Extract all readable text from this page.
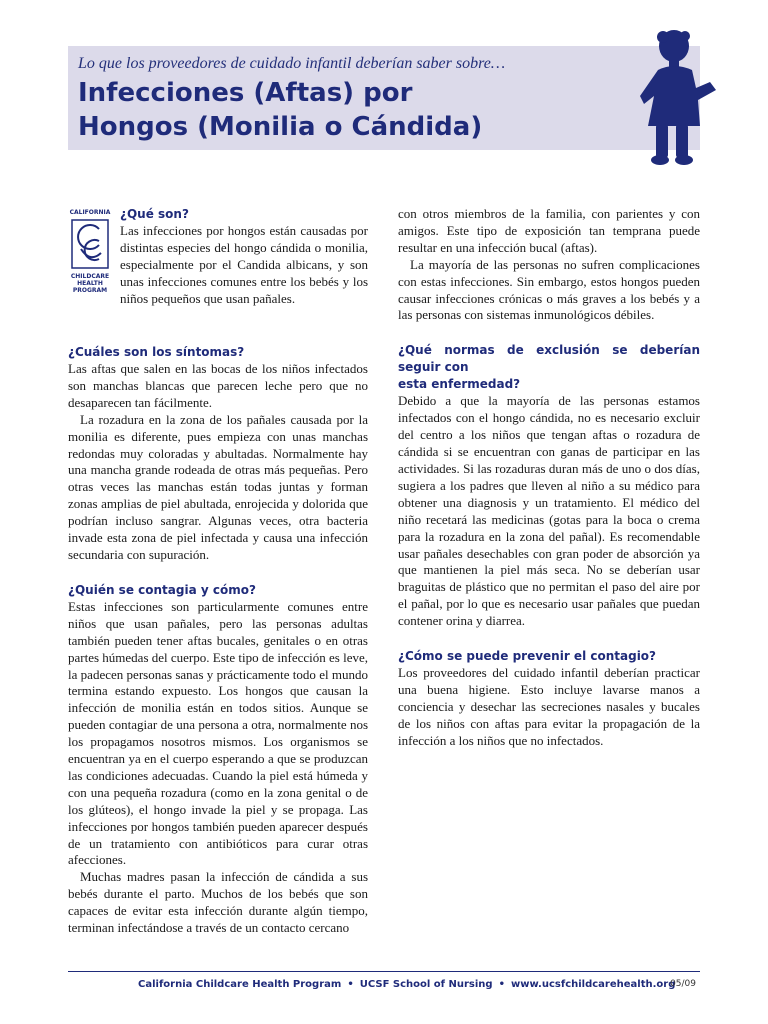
Lo que los proveedores de cuidado infantil deberían saber sobre…
Infecciones (Aftas) por
Hongos (Monilia o Cándida)
CALIFORNIA
CHILDCARE
HEALTH
PROGRAM
¿Qué son?

Las infecciones por hongos están causadas por distintas especies del hongo cándida o monilia, especialmente por el Candida albicans, y son unas infecciones comunes entre los bebés y los niños pequeños que usan pañales.

¿Cuáles son los síntomas?

Las aftas que salen en las bocas de los niños infectados son manchas blancas que parecen leche pero que no desaparecen tan fácilmente.

La rozadura en la zona de los pañales causada por la monilia es diferente, pues empieza con unas manchas redondas muy coloradas y abultadas. Normalmente hay una mancha grande rodeada de otras más pequeñas. Pero otras veces las manchas están todas juntas y forman zonas amplias de piel abultada, enrojecida y dolorida que podrían incluso sangrar. Algunas veces, otra bacteria invade esta zona de piel infectada y causa una infección secundaria con supuración.

¿Quién se contagia y cómo?

Estas infecciones son particularmente comunes entre niños que usan pañales, pero las personas adultas también pueden tener aftas bucales, genitales o en otras partes húmedas del cuerpo. Este tipo de infección es leve, la padecen personas sanas y prácticamente todo el mundo termina estando expuesto. Los hongos que causan la infección de monilia están en todos sitios. Aunque se pueden contagiar de una persona a otra, normalmente nos los propagamos nosotros mismos. Los organismos se encuentran ya en el cuerpo esperando a que se produzcan las condiciones adecuadas. Cuando la piel está húmeda y con una pequeña rozadura (como en la zona genital o de los glúteos), el hongo invade la piel y se propaga. Las infecciones por hongos también pueden aparecer después de un tratamiento con antibióticos para curar otras afecciones.

Muchas madres pasan la infección de cándida a sus bebés durante el parto. Muchos de los bebés que son capaces de evitar esta infección durante algún tiempo, terminan infectándose a través de un contacto cercano

con otros miembros de la familia, con parientes y con amigos. Este tipo de exposición tan temprana puede resultar en una infección bucal (aftas).

La mayoría de las personas no sufren complicaciones con estas infecciones. Sin embargo, estos hongos pueden causar infecciones crónicas o más graves a los bebés y a las personas con sistemas inmunológicos débiles.

¿Qué normas de exclusión se deberían seguir con
esta enfermedad?

Debido a que la mayoría de las personas estamos infectados con el hongo cándida, no es necesario excluir del centro a los niños que tengan aftas o rozadura de cándida si se encuentran con ganas de participar en las actividades. Si las rozaduras duran más de uno o dos días, sugiera a los padres que lleven al niño a su médico para obtener una diagnosis y un tratamiento. El médico del niño recetará las medicinas (gotas para la boca o crema para la rozadura en la zona del pañal). Es recomendable usar pañales desechables con gran poder de absorción ya que mantienen la piel más seca. No se deberían usar braguitas de plástico que no permitan el paso del aire por el pañal, por lo que es necesario usar pañales que puedan contener orina y diarrea.

¿Cómo se puede prevenir el contagio?

Los proveedores del cuidado infantil deberían practicar una buena higiene. Esto incluye lavarse manos a conciencia y desechar las secreciones nasales y bucales de los niños con aftas para evitar la propagación de la infección a los niños que no infectados.

California Childcare Health Program • UCSF School of Nursing • www.ucsfchildcarehealth.org
05/09
